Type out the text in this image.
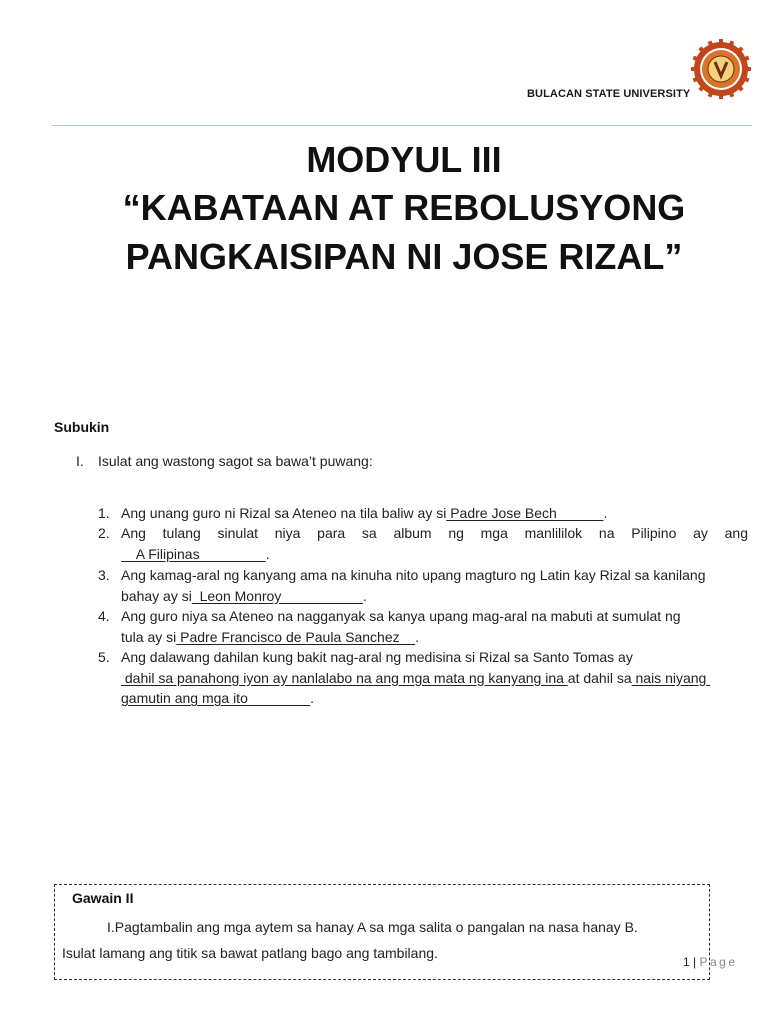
BULACAN STATE UNIVERSITY
MODYUL III
“KABATAAN AT REBOLUSYONG
PANGKAISIPAN NI JOSE RIZAL”
Subukin
I. Isulat ang wastong sagot sa bawa’t puwang:
1. Ang unang guro ni Rizal sa Ateneo na tila baliw ay si Padre Jose Bech            .
2. Ang tulang sinulat niya para sa album ng mga manlililok na Pilipino ay ang
A Filipinas                 .
3. Ang kamag-aral ng kanyang ama na kinuha nito upang magturo ng Latin kay Rizal sa kanilang
bahay ay si  Leon Monroy                     .
4. Ang guro niya sa Ateneo na nagganyak sa kanya upang mag-aral na mabuti at sumulat ng
tula ay si Padre Francisco de Paula Sanchez    .
5. Ang dalawang dahilan kung bakit nag-aral ng medisina si Rizal sa Santo Tomas ay
dahil sa panahong iyon ay nanlalabo na ang mga mata ng kanyang ina at dahil sa nais niyang
gamutin ang mga ito                .
Gawain II
I.Pagtambalin ang mga aytem sa hanay A sa mga salita o pangalan na nasa hanay B.
Isulat lamang ang titik sa bawat patlang bago ang tambilang.
1 | Page
